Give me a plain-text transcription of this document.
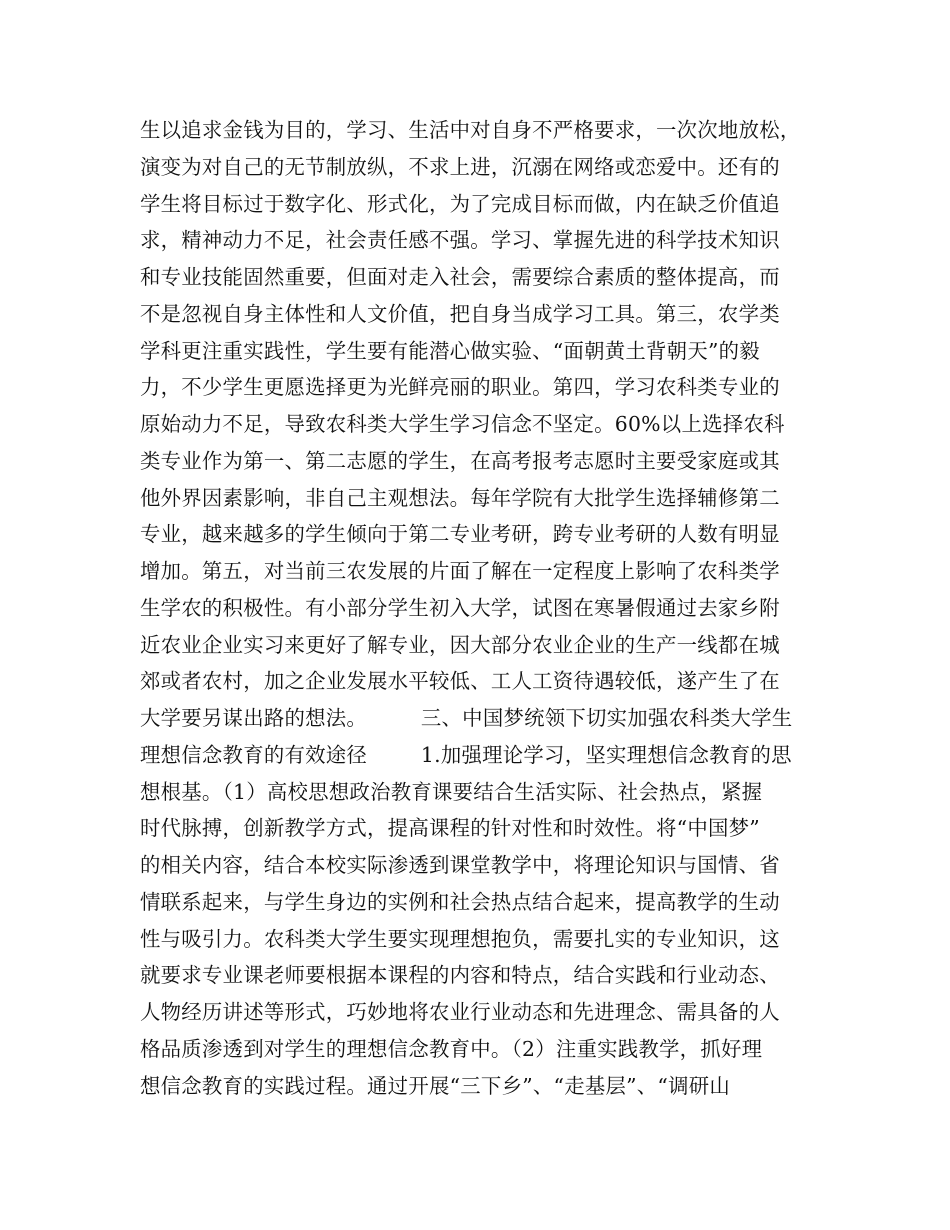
生以追求金钱为目的，学习、生活中对自身不严格要求，一次次地放松，
演变为对自己的无节制放纵，不求上进，沉溺在网络或恋爱中。还有的
学生将目标过于数字化、形式化，为了完成目标而做，内在缺乏价值追
求，精神动力不足，社会责任感不强。学习、掌握先进的科学技术知识
和专业技能固然重要，但面对走入社会，需要综合素质的整体提高，而
不是忽视自身主体性和人文价值，把自身当成学习工具。第三，农学类
学科更注重实践性，学生要有能潜心做实验、“面朝黄土背朝天”的毅
力，不少学生更愿选择更为光鲜亮丽的职业。第四，学习农科类专业的
原始动力不足，导致农科类大学生学习信念不坚定。60%以上选择农科
类专业作为第一、第二志愿的学生，在高考报考志愿时主要受家庭或其
他外界因素影响，非自己主观想法。每年学院有大批学生选择辅修第二
专业，越来越多的学生倾向于第二专业考研，跨专业考研的人数有明显
增加。第五，对当前三农发展的片面了解在一定程度上影响了农科类学
生学农的积极性。有小部分学生初入大学，试图在寒暑假通过去家乡附
近农业企业实习来更好了解专业，因大部分农业企业的生产一线都在城
郊或者农村，加之企业发展水平较低、工人工资待遇较低，遂产生了在
大学要另谋出路的想法。        三、中国梦统领下切实加强农科类大学生
理想信念教育的有效途径        1.加强理论学习，坚实理想信念教育的思
想根基。（1）高校思想政治教育课要结合生活实际、社会热点，紧握
时代脉搏，创新教学方式，提高课程的针对性和时效性。将“中国梦”
的相关内容，结合本校实际渗透到课堂教学中，将理论知识与国情、省
情联系起来，与学生身边的实例和社会热点结合起来，提高教学的生动
性与吸引力。农科类大学生要实现理想抱负，需要扎实的专业知识，这
就要求专业课老师要根据本课程的内容和特点，结合实践和行业动态、
人物经历讲述等形式，巧妙地将农业行业动态和先进理念、需具备的人
格品质渗透到对学生的理想信念教育中。（2）注重实践教学，抓好理
想信念教育的实践过程。通过开展“三下乡”、“走基层”、“调研山
